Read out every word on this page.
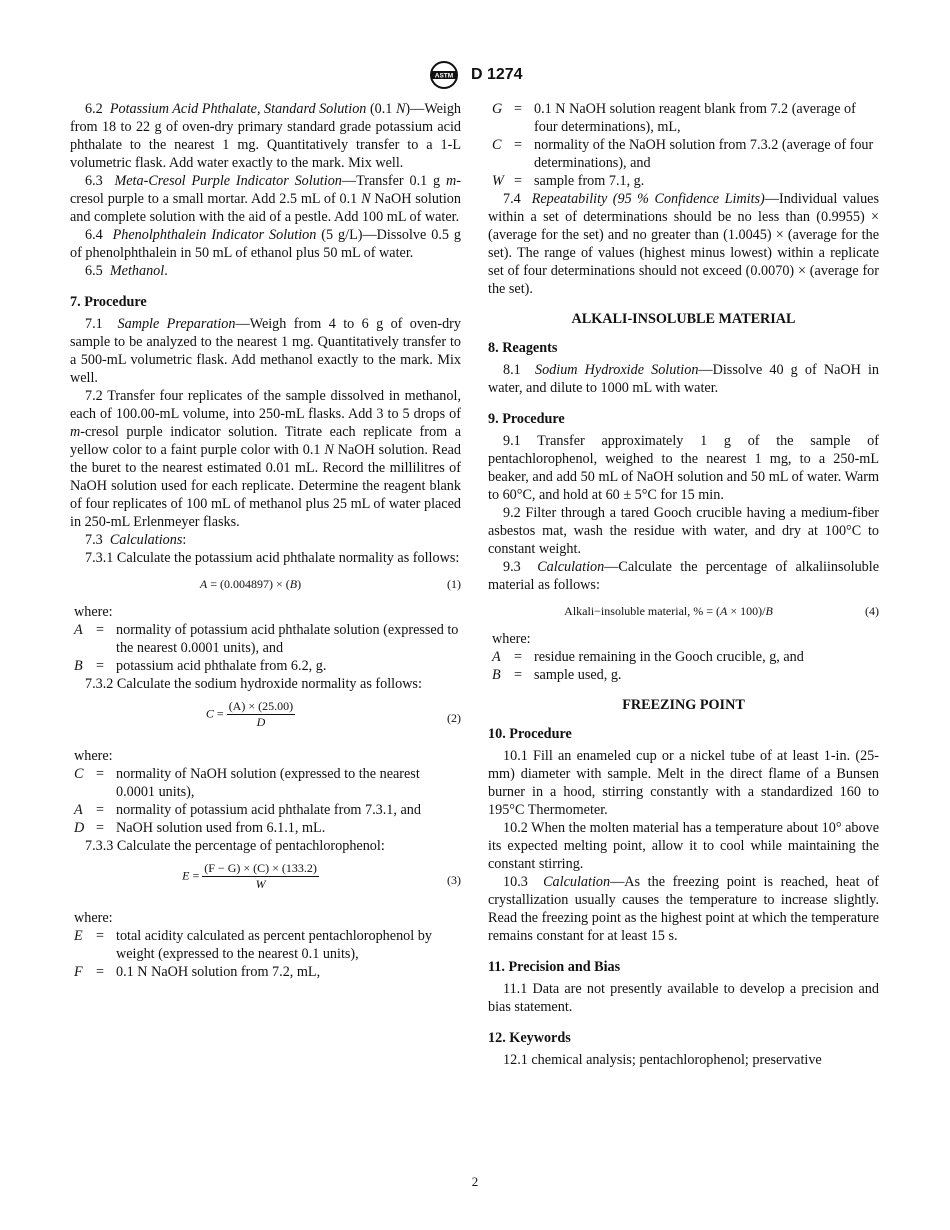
ASTM D 1274

6.2 Potassium Acid Phthalate, Standard Solution (0.1 N)—Weigh from 18 to 22 g of oven-dry primary standard grade potassium acid phthalate to the nearest 1 mg. Quantitatively transfer to a 1-L volumetric flask. Add water exactly to the mark. Mix well.

6.3 Meta-Cresol Purple Indicator Solution—Transfer 0.1 g m-cresol purple to a small mortar. Add 2.5 mL of 0.1 N NaOH solution and complete solution with the aid of a pestle. Add 100 mL of water.

6.4 Phenolphthalein Indicator Solution (5 g/L)—Dissolve 0.5 g of phenolphthalein in 50 mL of ethanol plus 50 mL of water.

6.5 Methanol.

7. Procedure

7.1 Sample Preparation—Weigh from 4 to 6 g of oven-dry sample to be analyzed to the nearest 1 mg. Quantitatively transfer to a 500-mL volumetric flask. Add methanol exactly to the mark. Mix well.

7.2 Transfer four replicates of the sample dissolved in methanol, each of 100.00-mL volume, into 250-mL flasks. Add 3 to 5 drops of m-cresol purple indicator solution. Titrate each replicate from a yellow color to a faint purple color with 0.1 N NaOH solution. Read the buret to the nearest estimated 0.01 mL. Record the millilitres of NaOH solution used for each replicate. Determine the reagent blank of four replicates of 100 mL of methanol plus 25 mL of water placed in 250-mL Erlenmeyer flasks.

7.3 Calculations:

7.3.1 Calculate the potassium acid phthalate normality as follows:

A = (0.004897) × (B)	(1)
where:
A	=	normality of potassium acid phthalate solution (expressed to the nearest 0.0001 units), and
B	=	potassium acid phthalate from 6.2, g.

7.3.2 Calculate the sodium hydroxide normality as follows:

$C = \frac{(A) \times (25.00)}{D}$	(2)
where:
C	=	normality of NaOH solution (expressed to the nearest 0.0001 units),
A	=	normality of potassium acid phthalate from 7.3.1, and
D	=	NaOH solution used from 6.1.1, mL.

7.3.3 Calculate the percentage of pentachlorophenol:

$E = \frac{(F - G) \times (C) \times (133.2)}{W}$	(3)
where:
E	=	total acidity calculated as percent pentachlorophenol by weight (expressed to the nearest 0.1 units),
F	=	0.1 N NaOH solution from 7.2, mL,
G	=	0.1 N NaOH solution reagent blank from 7.2 (average of four determinations), mL,
C	=	normality of the NaOH solution from 7.3.2 (average of four determinations), and
W	=	sample from 7.1, g.

7.4 Repeatability (95 % Confidence Limits)—Individual values within a set of determinations should be no less than (0.9955) × (average for the set) and no greater than (1.0045) × (average for the set). The range of values (highest minus lowest) within a replicate set of four determinations should not exceed (0.0070) × (average for the set).

ALKALI-INSOLUBLE MATERIAL

8. Reagents

8.1 Sodium Hydroxide Solution—Dissolve 40 g of NaOH in water, and dilute to 1000 mL with water.

9. Procedure

9.1 Transfer approximately 1 g of the sample of pentachlorophenol, weighed to the nearest 1 mg, to a 250-mL beaker, and add 50 mL of NaOH solution and 50 mL of water. Warm to 60°C, and hold at 60 ± 5°C for 15 min.

9.2 Filter through a tared Gooch crucible having a medium-fiber asbestos mat, wash the residue with water, and dry at 100°C to constant weight.

9.3 Calculation—Calculate the percentage of alkaliinsoluble material as follows:

Alkali−insoluble material, % = (A × 100)/B	(4)
where:
A	=	residue remaining in the Gooch crucible, g, and
B	=	sample used, g.

FREEZING POINT

10. Procedure

10.1 Fill an enameled cup or a nickel tube of at least 1-in. (25-mm) diameter with sample. Melt in the direct flame of a Bunsen burner in a hood, stirring constantly with a standardized 160 to 195°C Thermometer.

10.2 When the molten material has a temperature about 10° above its expected melting point, allow it to cool while maintaining the constant stirring.

10.3 Calculation—As the freezing point is reached, heat of crystallization usually causes the temperature to increase slightly. Read the freezing point as the highest point at which the temperature remains constant for at least 15 s.

11. Precision and Bias

11.1 Data are not presently available to develop a precision and bias statement.

12. Keywords

12.1 chemical analysis; pentachlorophenol; preservative

2
